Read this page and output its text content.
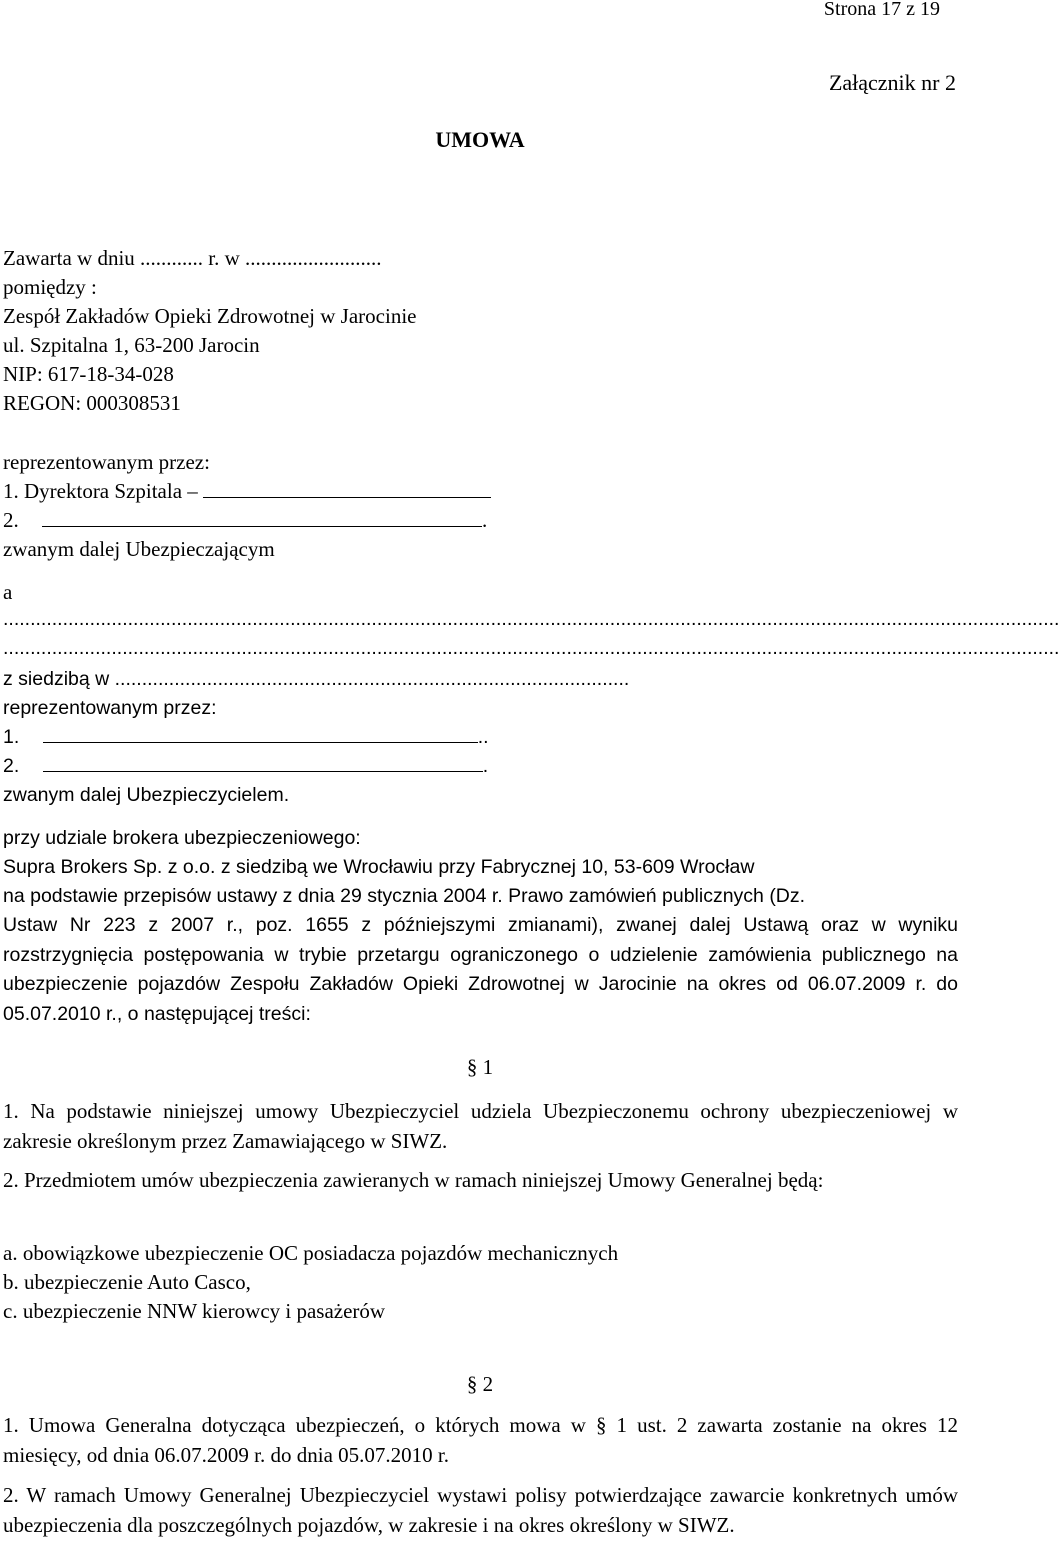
Strona 17 z 19
Załącznik nr 2
UMOWA
Zawarta w dniu ............ r. w ..........................
pomiędzy :
Zespół Zakładów Opieki Zdrowotnej w Jarocinie
ul. Szpitalna 1, 63-200 Jarocin
NIP: 617-18-34-028
REGON: 000308531
reprezentowanym przez:
1. Dyrektora Szpitala –
2.	.
zwanym dalej Ubezpieczającym
a
...................................................................................................................................................................................................
...................................................................................................................................................................................................
z siedzibą w ...............................................................................................
reprezentowanym przez:
1.	..
2.	.
zwanym dalej Ubezpieczycielem.
przy udziale brokera ubezpieczeniowego:
Supra Brokers Sp. z o.o. z siedzibą we Wrocławiu przy Fabrycznej 10, 53-609 Wrocław
na podstawie przepisów ustawy z dnia 29 stycznia 2004 r. Prawo zamówień publicznych (Dz.
Ustaw Nr 223 z 2007 r., poz. 1655 z późniejszymi zmianami), zwanej dalej Ustawą oraz w wyniku rozstrzygnięcia postępowania w trybie przetargu ograniczonego o udzielenie zamówienia publicznego na ubezpieczenie pojazdów Zespołu Zakładów Opieki Zdrowotnej w Jarocinie na okres od 06.07.2009 r. do 05.07.2010 r., o następującej treści:
§ 1
1. Na podstawie niniejszej umowy Ubezpieczyciel udziela Ubezpieczonemu ochrony ubezpieczeniowej w zakresie określonym przez Zamawiającego w SIWZ.
2. Przedmiotem umów ubezpieczenia zawieranych w ramach niniejszej Umowy Generalnej będą:
a. obowiązkowe ubezpieczenie OC posiadacza pojazdów mechanicznych
b. ubezpieczenie Auto Casco,
c. ubezpieczenie NNW kierowcy i pasażerów
§ 2
1. Umowa Generalna dotycząca ubezpieczeń, o których mowa w § 1 ust. 2 zawarta zostanie na okres 12 miesięcy, od dnia 06.07.2009 r. do dnia 05.07.2010 r.
2. W ramach Umowy Generalnej Ubezpieczyciel wystawi polisy potwierdzające zawarcie konkretnych umów ubezpieczenia dla poszczególnych pojazdów, w zakresie i na okres określony w SIWZ.
